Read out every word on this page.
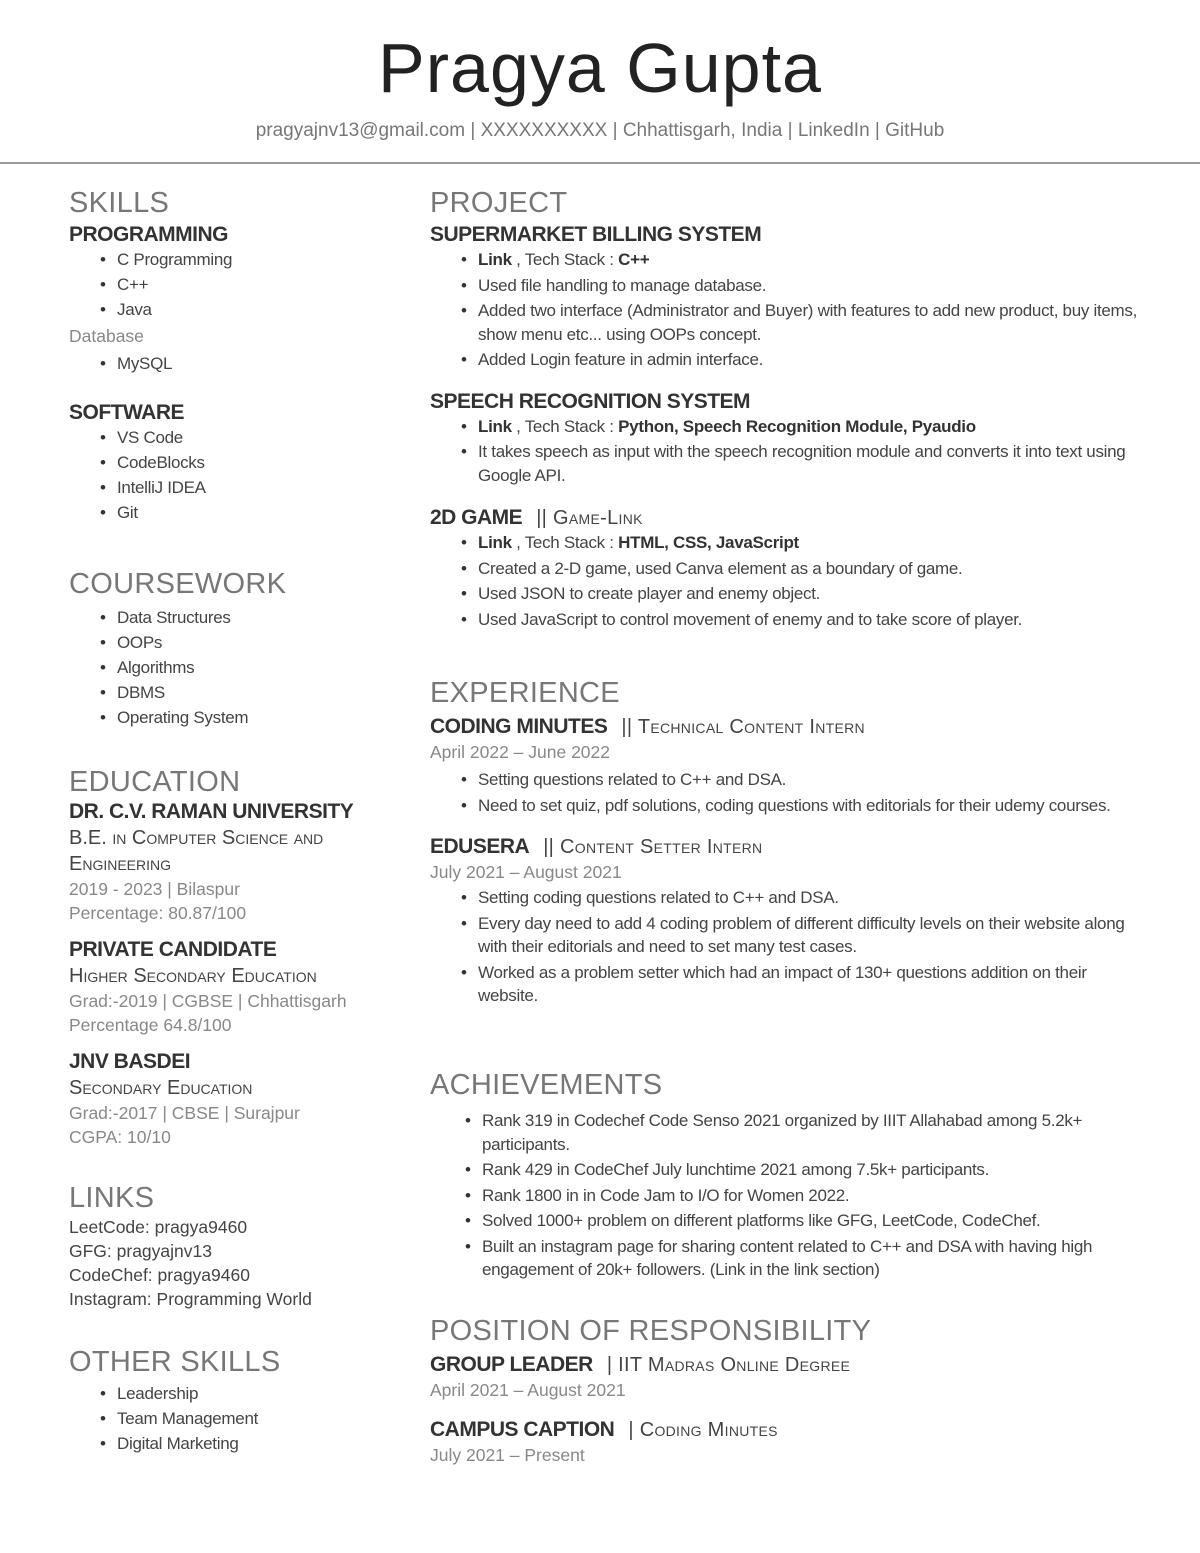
Pragya Gupta
pragyajnv13@gmail.com | XXXXXXXXXX | Chhattisgarh, India | LinkedIn | GitHub
SKILLS
PROGRAMMING
• C Programming
• C++
• Java
Database
• MySQL
SOFTWARE
• VS Code
• CodeBlocks
• IntelliJ IDEA
• Git
COURSEWORK
• Data Structures
• OOPs
• Algorithms
• DBMS
• Operating System
EDUCATION
DR. C.V. RAMAN UNIVERSITY
B.E. in Computer Science and Engineering
2019 - 2023 | Bilaspur
Percentage: 80.87/100
PRIVATE CANDIDATE
Higher Secondary Education
Grad:-2019 | CGBSE | Chhattisgarh
Percentage 64.8/100
JNV BASDEI
Secondary Education
Grad:-2017 | CBSE | Surajpur
CGPA: 10/10
LINKS
LeetCode: pragya9460
GFG: pragyajnv13
CodeChef: pragya9460
Instagram: Programming World
OTHER SKILLS
• Leadership
• Team Management
• Digital Marketing
PROJECT
SUPERMARKET BILLING SYSTEM
• Link , Tech Stack : C++
• Used file handling to manage database.
• Added two interface (Administrator and Buyer) with features to add new product, buy items, show menu etc... using OOPs concept.
• Added Login feature in admin interface.
SPEECH RECOGNITION SYSTEM
• Link , Tech Stack : Python, Speech Recognition Module, Pyaudio
• It takes speech as input with the speech recognition module and converts it into text using Google API.
2D GAME || Game-Link
• Link , Tech Stack : HTML, CSS, JavaScript
• Created a 2-D game, used Canva element as a boundary of game.
• Used JSON to create player and enemy object.
• Used JavaScript to control movement of enemy and to take score of player.
EXPERIENCE
CODING MINUTES || Technical Content Intern
April 2022 – June 2022
• Setting questions related to C++ and DSA.
• Need to set quiz, pdf solutions, coding questions with editorials for their udemy courses.
EDUSERA || Content Setter Intern
July 2021 – August 2021
• Setting coding questions related to C++ and DSA.
• Every day need to add 4 coding problem of different difficulty levels on their website along with their editorials and need to set many test cases.
• Worked as a problem setter which had an impact of 130+ questions addition on their website.
ACHIEVEMENTS
• Rank 319 in Codechef Code Senso 2021 organized by IIIT Allahabad among 5.2k+ participants.
• Rank 429 in CodeChef July lunchtime 2021 among 7.5k+ participants.
• Rank 1800 in in Code Jam to I/O for Women 2022.
• Solved 1000+ problem on different platforms like GFG, LeetCode, CodeChef.
• Built an instagram page for sharing content related to C++ and DSA with having high engagement of 20k+ followers. (Link in the link section)
POSITION OF RESPONSIBILITY
GROUP LEADER | IIT Madras Online Degree
April 2021 – August 2021
CAMPUS CAPTION | Coding Minutes
July 2021 – Present
